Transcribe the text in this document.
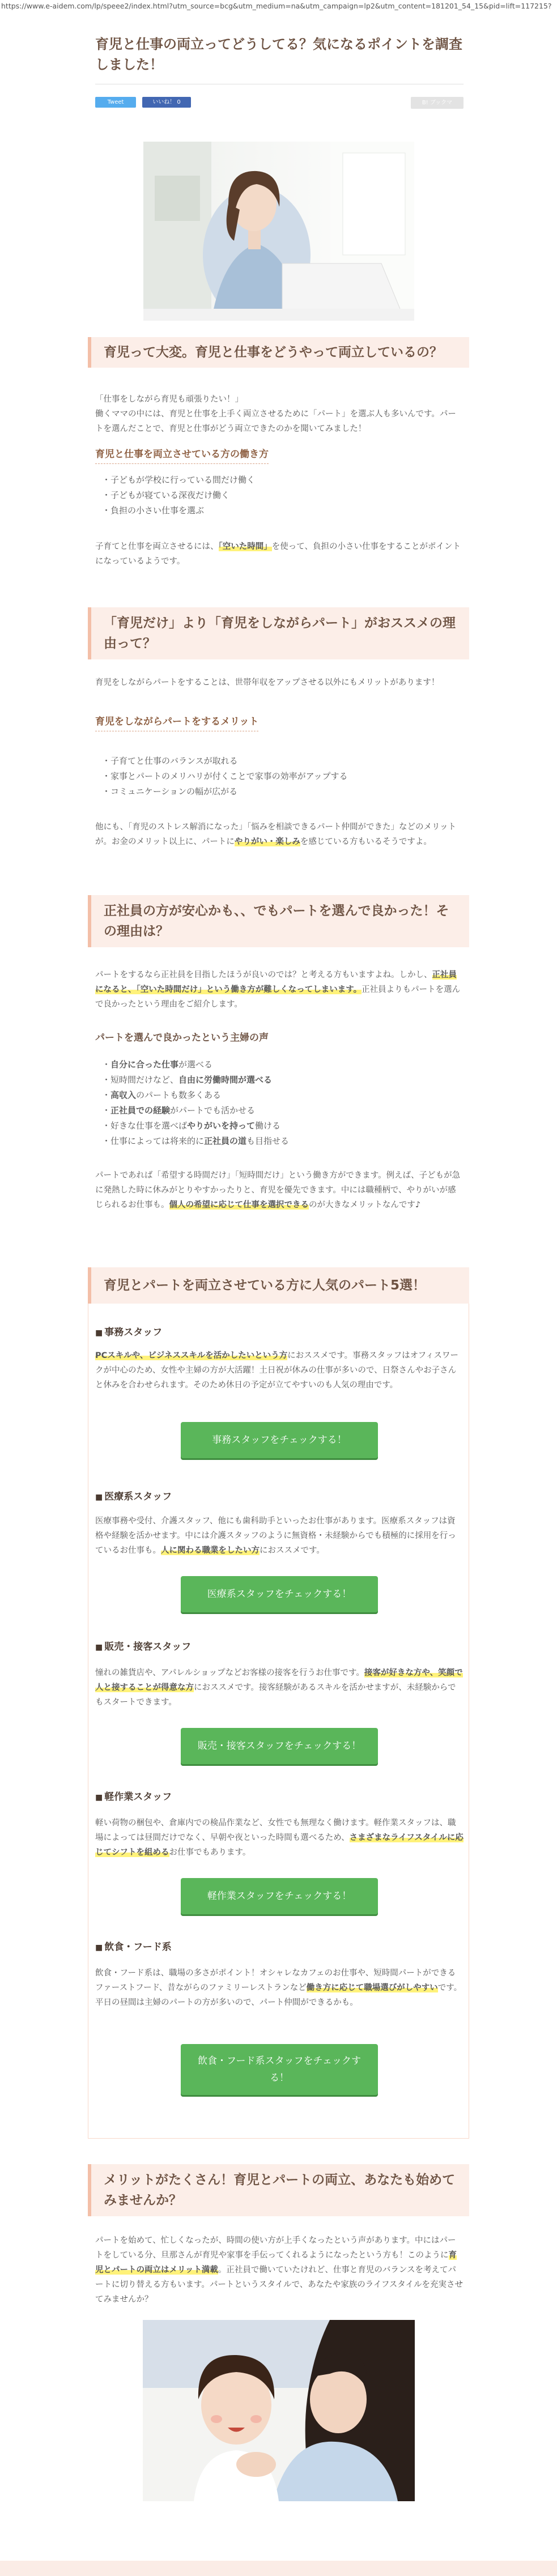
https://www.e-aidem.com/lp/speee2/index.html?utm_source=bcg&utm_medium=na&utm_campaign=lp2&utm_content=181201_54_15&pid=lift=117215?
育児と仕事の両立ってどうしてる？気になるポイントを調査しました！
Tweet	いいね！ 0	B! ブックマ
育児って大変。育児と仕事をどうやって両立しているの？

「仕事をしながら育児も頑張りたい！」

働くママの中には、育児と仕事を上手く両立させるために「パート」を選ぶ人も多いんです。パートを選んだことで、育児と仕事がどう両立できたのかを聞いてみました！

育児と仕事を両立させている方の働き方
・ 子どもが学校に行っている間だけ働く
・ 子どもが寝ている深夜だけ働く
・ 負担の小さい仕事を選ぶ
子育てと仕事を両立させるには、「空いた時間」を使って、負担の小さい仕事をすることがポイントになっているようです。
「育児だけ」より「育児をしながらパート」がおススメの理由って？
育児をしながらパートをすることは、世帯年収をアップさせる以外にもメリットがあります！
育児をしながらパートをするメリット
・ 子育てと仕事のバランスが取れる
・ 家事とパートのメリハリが付くことで家事の効率がアップする
・ コミュニケーションの幅が広がる
他にも、「育児のストレス解消になった」「悩みを相談できるパート仲間ができた」などのメリットが。お金のメリット以上に、パートにやりがい・楽しみを感じている方もいるそうですよ。
正社員の方が安心かも、、でもパートを選んで良かった！その理由は？
パートをするなら正社員を目指したほうが良いのでは？と考える方もいますよね。しかし、正社員になると、「空いた時間だけ」という働き方が難しくなってしまいます。正社員よりもパートを選んで良かったという理由をご紹介します。
パートを選んで良かったという主婦の声
・ 自分に合った仕事が選べる
・ 短時間だけなど、自由に労働時間が選べる
・ 高収入のパートも数多くある
・ 正社員での経験がパートでも活かせる
・ 好きな仕事を選べばやりがいを持って働ける
・ 仕事によっては将来的に正社員の道も目指せる
パートであれば「希望する時間だけ」「短時間だけ」という働き方ができます。例えば、子どもが急に発熱した時に休みがとりやすかったりと、育児を優先できます。中には職種柄で、やりがいが感じられるお仕事も。個人の希望に応じて仕事を選択できるのが大きなメリットなんです♪
育児とパートを両立させている方に人気のパート5選！
■ 事務スタッフ
PCスキルや、ビジネススキルを活かしたいという方におススメです。事務スタッフはオフィスワークが中心のため、女性や主婦の方が大活躍！土日祝が休みの仕事が多いので、日祭さんやお子さんと休みを合わせられます。そのため休日の予定が立てやすいのも人気の理由です。
事務スタッフをチェックする！
■ 医療系スタッフ
医療事務や受付、介護スタッフ、他にも歯科助手といったお仕事があります。医療系スタッフは資格や経験を活かせます。中には介護スタッフのように無資格・未経験からでも積極的に採用を行っているお仕事も。人に関わる職業をしたい方におススメです。
医療系スタッフをチェックする！
■ 販売・接客スタッフ
憧れの雑貨店や、アパレルショップなどお客様の接客を行うお仕事です。接客が好きな方や、笑顔で人と接することが得意な方におススメです。接客経験があるスキルを活かせますが、未経験からでもスタートできます。
販売・接客スタッフをチェックする！
■ 軽作業スタッフ
軽い荷物の梱包や、倉庫内での検品作業など、女性でも無理なく働けます。軽作業スタッフは、職場によっては昼間だけでなく、早朝や夜といった時間も選べるため、さまざまなライフスタイルに応じてシフトを組めるお仕事でもあります。
軽作業スタッフをチェックする！
■ 飲食・フード系
飲食・フード系は、職場の多さがポイント！オシャレなカフェのお仕事や、短時間パートができるファーストフード、昔ながらのファミリーレストランなど働き方に応じて職場選びがしやすいです。平日の昼間は主婦のパートの方が多いので、パート仲間ができるかも。
飲食・フード系スタッフをチェックする！
メリットがたくさん！育児とパートの両立、あなたも始めてみませんか？
パートを始めて、忙しくなったが、時間の使い方が上手くなったという声があります。中にはパートをしている分、旦那さんが育児や家事を手伝ってくれるようになったという方も！このように育児とパートの両立はメリット満載。正社員で働いていたけれど、仕事と育児のバランスを考えてパートに切り替える方もいます。パートというスタイルで、あなたや家族のライフスタイルを充実させてみませんか？
